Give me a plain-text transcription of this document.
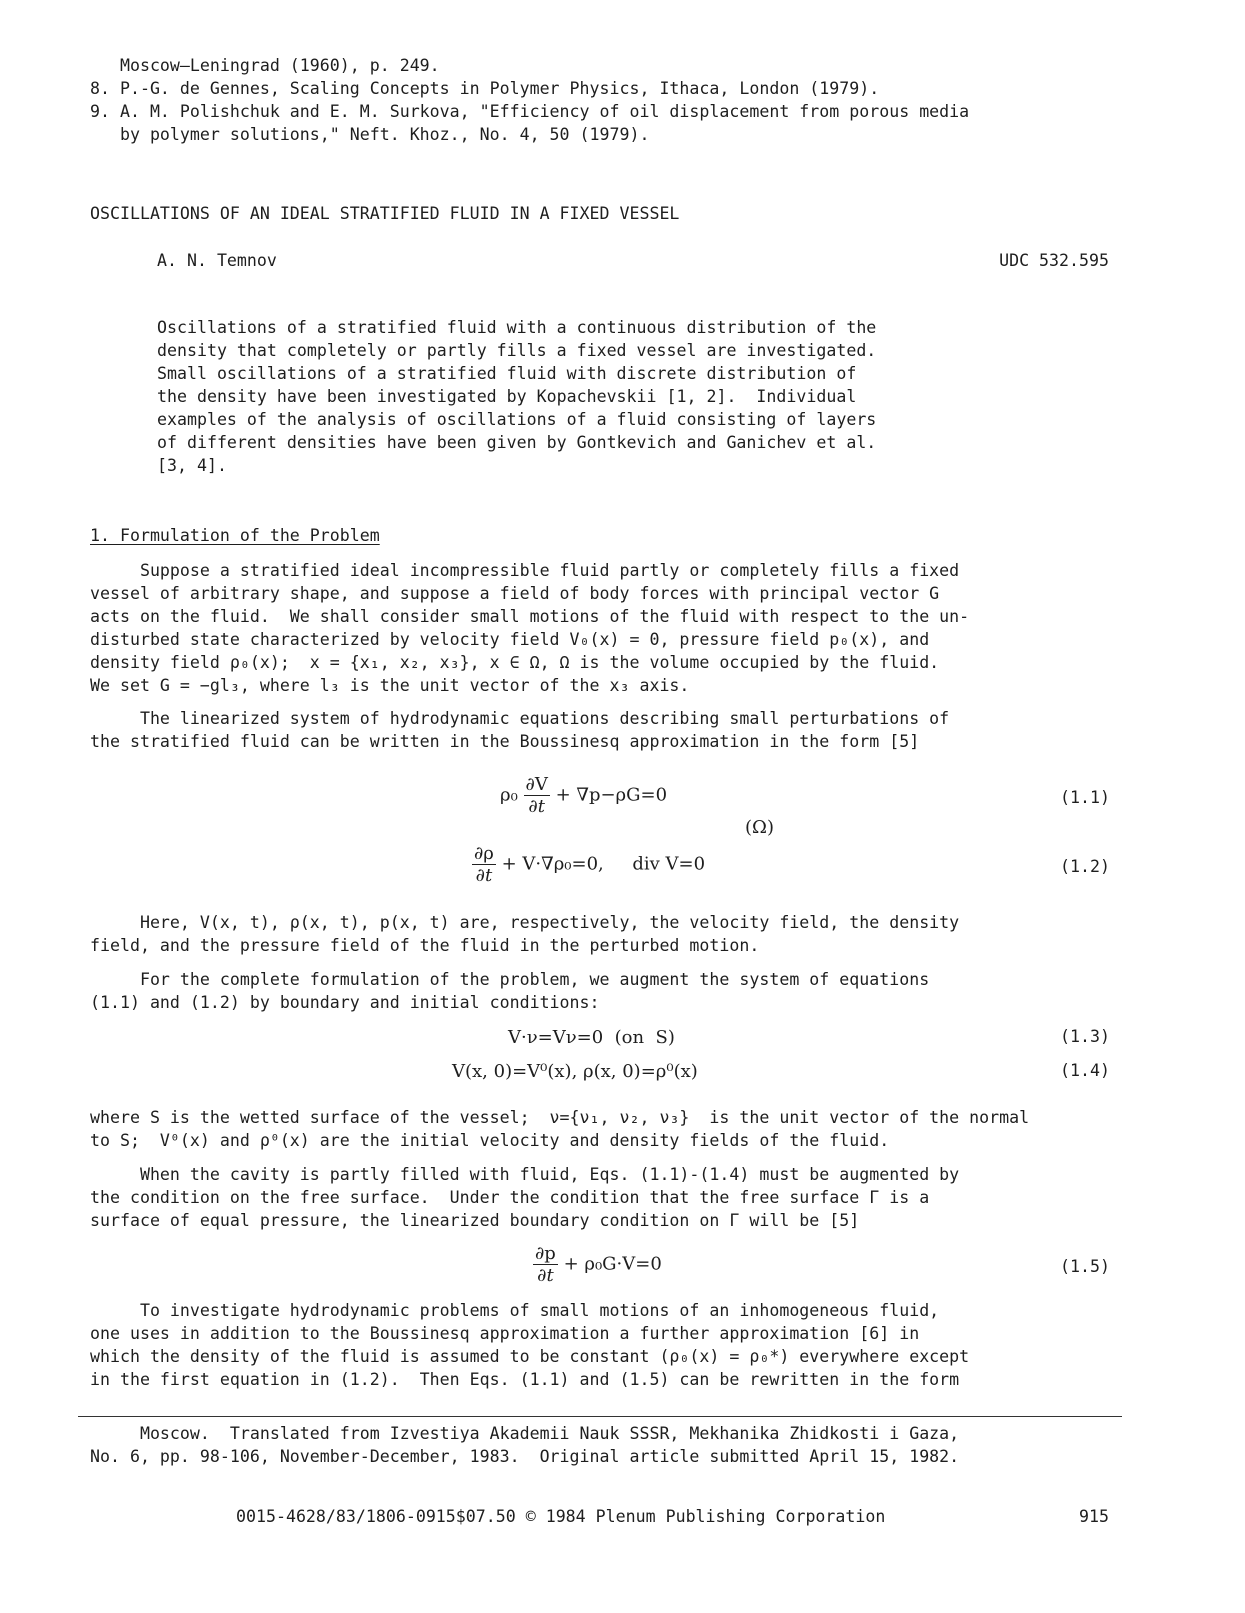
Moscow—Leningrad (1960), p. 249.
8. P.-G. de Gennes, Scaling Concepts in Polymer Physics, Ithaca, London (1979).
9. A. M. Polishchuk and E. M. Surkova, "Efficiency of oil displacement from porous media
by polymer solutions," Neft. Khoz., No. 4, 50 (1979).
OSCILLATIONS OF AN IDEAL STRATIFIED FLUID IN A FIXED VESSEL
A. N. Temnov	UDC 532.595
Oscillations of a stratified fluid with a continuous distribution of the
density that completely or partly fills a fixed vessel are investigated.
Small oscillations of a stratified fluid with discrete distribution of
the density have been investigated by Kopachevskii [1, 2].  Individual
examples of the analysis of oscillations of a fluid consisting of layers
of different densities have been given by Gontkevich and Ganichev et al.
[3, 4].
1. Formulation of the Problem
Suppose a stratified ideal incompressible fluid partly or completely fills a fixed
vessel of arbitrary shape, and suppose a field of body forces with principal vector G
acts on the fluid.  We shall consider small motions of the fluid with respect to the un-
disturbed state characterized by velocity field V₀(x) = 0, pressure field p₀(x), and
density field ρ₀(x);  x = {x₁, x₂, x₃}, x ∈ Ω, Ω is the volume occupied by the fluid.
We set G = −gl₃, where l₃ is the unit vector of the x₃ axis.
The linearized system of hydrodynamic equations describing small perturbations of
the stratified fluid can be written in the Boussinesq approximation in the form [5]
$\rho_0 \frac{\partial V}{\partial t} + \nabla p-\rho G=0$	(1.1)
(Ω)
$\frac{\partial\rho}{\partial t} + V\cdot\nabla\rho_0=0$,     div V=0	(1.2)
Here, V(x, t), ρ(x, t), p(x, t) are, respectively, the velocity field, the density
field, and the pressure field of the fluid in the perturbed motion.
For the complete formulation of the problem, we augment the system of equations
(1.1) and (1.2) by boundary and initial conditions:
V·ν=Vν=0  (on  S)	(1.3)
V(x, 0)=V⁰(x), ρ(x, 0)=ρ⁰(x)	(1.4)
where S is the wetted surface of the vessel;  ν={ν₁, ν₂, ν₃}  is the unit vector of the normal
to S;  V⁰(x) and ρ⁰(x) are the initial velocity and density fields of the fluid.
When the cavity is partly filled with fluid, Eqs. (1.1)-(1.4) must be augmented by
the condition on the free surface.  Under the condition that the free surface Γ is a
surface of equal pressure, the linearized boundary condition on Γ will be [5]
$\frac{\partial p}{\partial t} + \rho_0G\cdot V=0$	(1.5)
To investigate hydrodynamic problems of small motions of an inhomogeneous fluid,
one uses in addition to the Boussinesq approximation a further approximation [6] in
which the density of the fluid is assumed to be constant (ρ₀(x) = ρ₀*) everywhere except
in the first equation in (1.2).  Then Eqs. (1.1) and (1.5) can be rewritten in the form
Moscow.  Translated from Izvestiya Akademii Nauk SSSR, Mekhanika Zhidkosti i Gaza,
No. 6, pp. 98-106, November-December, 1983.  Original article submitted April 15, 1982.
0015-4628/83/1806-0915$07.50 © 1984 Plenum Publishing Corporation	915
